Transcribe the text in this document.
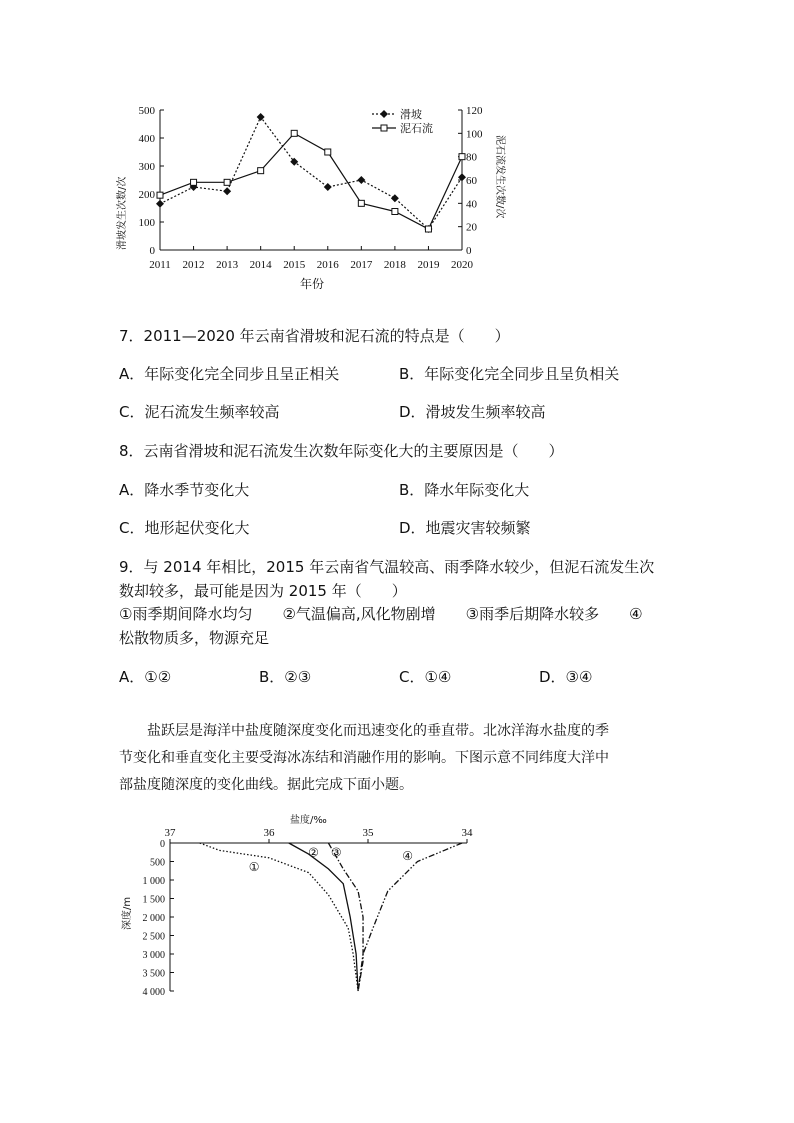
0
100
200
300
400
500
0
20
40
60
80
100
120
2011 2012 2013 2014 2015 2016 2017 2018 2019 2020
滑坡
泥石流
滑坡发生次数/次	泥石流发生次数/次
年份
7．2011—2020 年云南省滑坡和泥石流的特点是（　　）
A．年际变化完全同步且呈正相关	B．年际变化完全同步且呈负相关
C．泥石流发生频率较高	D．滑坡发生频率较高
8．云南省滑坡和泥石流发生次数年际变化大的主要原因是（　　）
A．降水季节变化大	B．降水年际变化大
C．地形起伏变化大	D．地震灾害较频繁
9．与 2014 年相比，2015 年云南省气温较高、雨季降水较少，但泥石流发生次
数却较多，最可能是因为 2015 年（　　）
①雨季期间降水均匀　　②气温偏高,风化物剧增　　③雨季后期降水较多　　④
松散物质多，物源充足
A．①②	B．②③	C．①④	D．③④
盐跃层是海洋中盐度随深度变化而迅速变化的垂直带。北冰洋海水盐度的季
节变化和垂直变化主要受海冰冻结和消融作用的影响。下图示意不同纬度大洋中
部盐度随深度的变化曲线。据此完成下面小题。
37	36	35	34
0
500
1 000
1 500
2 000
2 500
3 000
3 500
4 000
①
② ③	④
盐度/‰
深度/m
